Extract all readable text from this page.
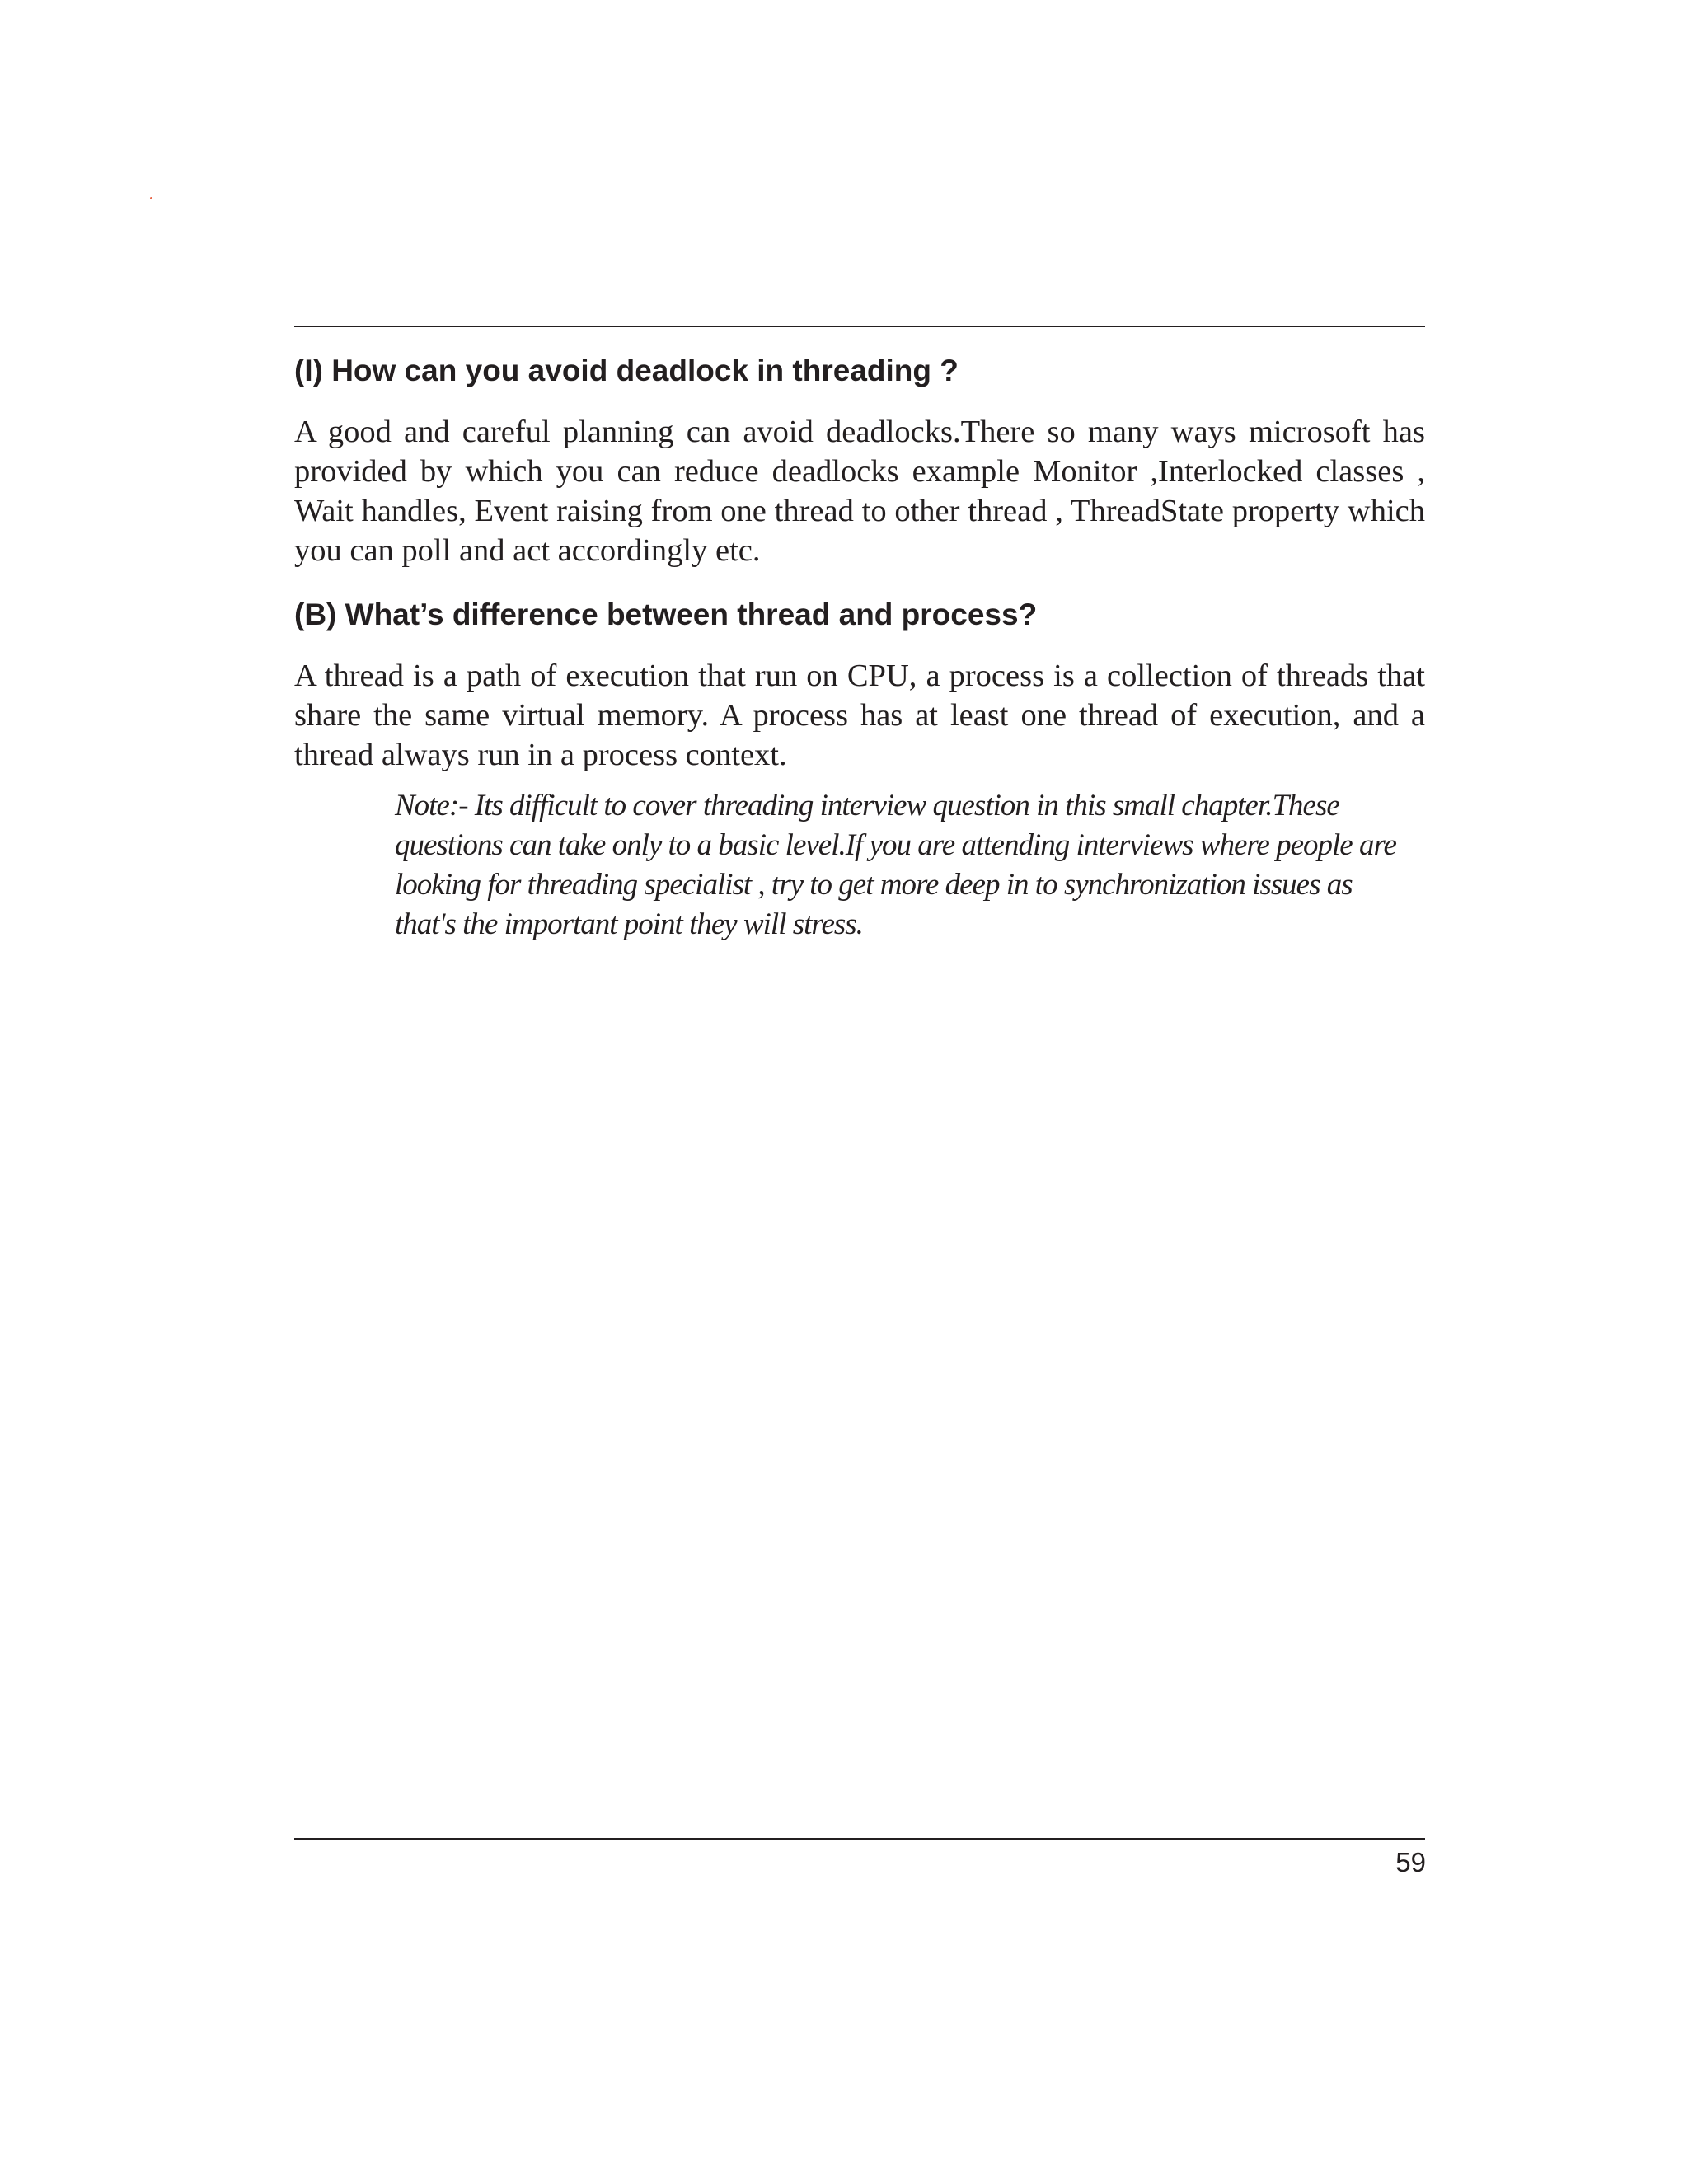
(I) How can you avoid deadlock in threading ?

A good and careful planning can avoid deadlocks.There so many ways microsoft has provided by which you can reduce deadlocks example Monitor ,Interlocked classes , Wait handles, Event raising from one thread to other thread , ThreadState property which you can poll and act accordingly etc.

(B) What’s difference between thread and process?

A thread is a path of execution that run on CPU, a process is a collection of threads that share the same virtual memory. A process has at least one thread of execution, and a thread always run in a process context.

Note:- Its difficult to cover threading interview question in this small chapter.These questions can take only to a basic level.If you are attending interviews where people are looking for threading specialist , try to get more deep in to synchronization issues as that's the important point they will stress.

59
